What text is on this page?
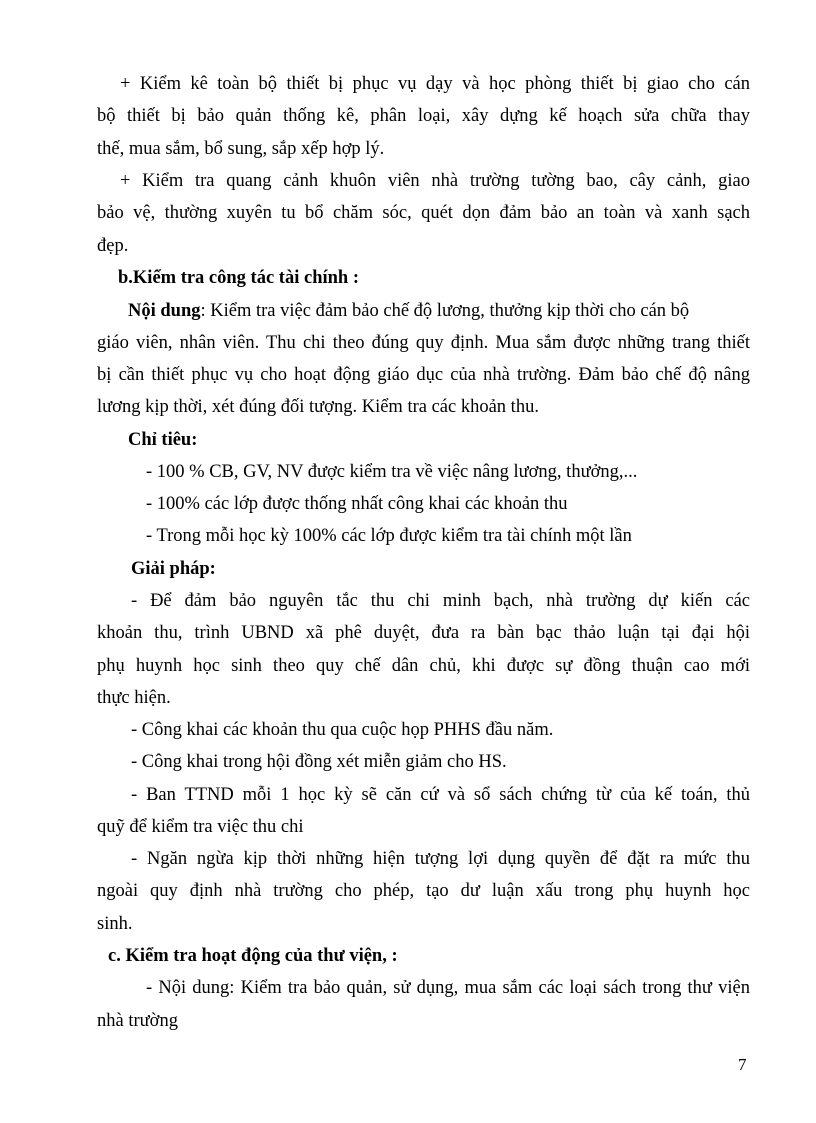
+ Kiểm kê toàn bộ thiết bị phục vụ dạy và học phòng thiết bị giao cho cán
bộ thiết bị bảo quản thống kê, phân loại, xây dựng kế hoạch sửa chữa thay
thế, mua sắm, bổ sung, sắp xếp hợp lý.
+ Kiểm tra quang cảnh khuôn viên nhà trường tường bao, cây cảnh, giao
bảo vệ, thường xuyên tu bổ chăm sóc, quét dọn đảm bảo an toàn và xanh sạch
đẹp.
b.Kiểm tra công tác tài chính :
Nội dung: Kiểm tra việc đảm bảo chế độ lương, thưởng kịp thời cho cán bộ
giáo viên, nhân viên. Thu chi theo đúng quy định. Mua sắm được những trang thiết
bị cần thiết phục vụ cho hoạt động giáo dục của nhà trường. Đảm bảo chế độ nâng
lương kịp thời, xét đúng đối tượng. Kiểm tra các khoản thu.
Chỉ tiêu:
- 100 % CB, GV, NV được kiểm tra về việc nâng lương, thưởng,...
- 100% các lớp được thống nhất công khai các khoản thu
- Trong mỗi học kỳ 100% các lớp được kiểm tra tài chính một lần
Giải pháp:
- Để đảm bảo nguyên tắc thu chi minh bạch, nhà trường dự kiến các
khoản thu, trình UBND xã phê duyệt, đưa ra bàn bạc thảo luận tại đại hội
phụ huynh học sinh theo quy chế dân chủ, khi được sự đồng thuận cao mới
thực hiện.
- Công khai các khoản thu qua cuộc họp PHHS đầu năm.
- Công khai trong hội đồng xét miễn giảm cho HS.
- Ban TTND mỗi 1 học kỳ sẽ căn cứ và sổ sách chứng từ của kế toán, thủ
quỹ để kiểm tra việc thu chi
- Ngăn ngừa kịp thời những hiện tượng lợi dụng quyền để đặt ra mức thu
ngoài quy định nhà trường cho phép, tạo dư luận xấu trong phụ huynh học
sinh.
c. Kiểm tra hoạt động của thư viện, :
- Nội dung: Kiểm tra bảo quản, sử dụng, mua sắm các loại sách trong thư viện
nhà trường
7
